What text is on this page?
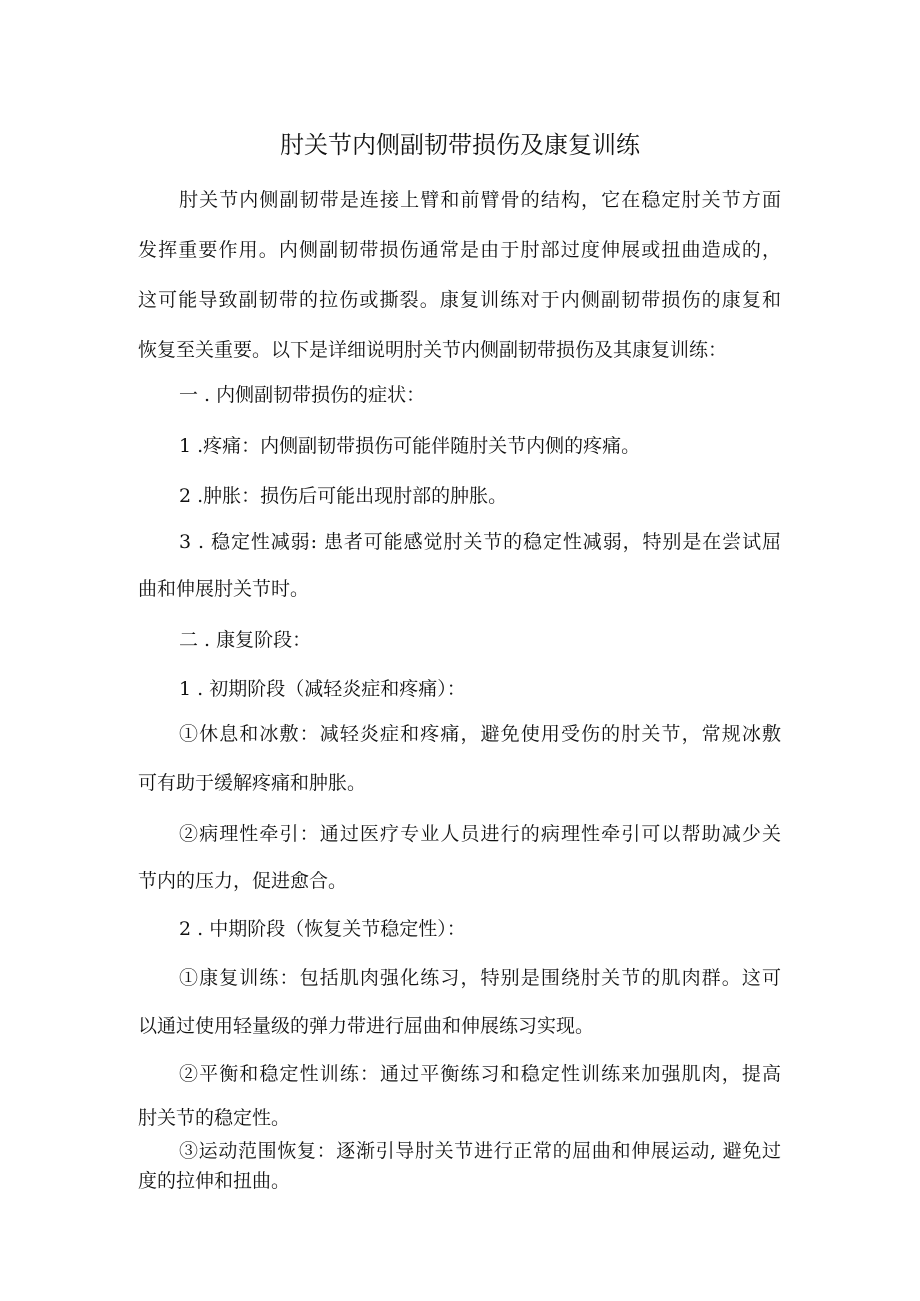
肘关节内侧副韧带损伤及康复训练
肘关节内侧副韧带是连接上臂和前臂骨的结构，它在稳定肘关节方面
发挥重要作用。内侧副韧带损伤通常是由于肘部过度伸展或扭曲造成的，
这可能导致副韧带的拉伤或撕裂。康复训练对于内侧副韧带损伤的康复和
恢复至关重要。以下是详细说明肘关节内侧副韧带损伤及其康复训练：
一 . 内侧副韧带损伤的症状：
1 .疼痛：内侧副韧带损伤可能伴随肘关节内侧的疼痛。
2 .肿胀：损伤后可能出现肘部的肿胀。
3 . 稳定性减弱: 患者可能感觉肘关节的稳定性减弱，特别是在尝试屈
曲和伸展肘关节时。
二 . 康复阶段：
1 . 初期阶段（减轻炎症和疼痛）：
①休息和冰敷：减轻炎症和疼痛，避免使用受伤的肘关节，常规冰敷
可有助于缓解疼痛和肿胀。
②病理性牵引：通过医疗专业人员进行的病理性牵引可以帮助减少关
节内的压力，促进愈合。
2 . 中期阶段（恢复关节稳定性）：
①康复训练：包括肌肉强化练习，特别是围绕肘关节的肌肉群。这可
以通过使用轻量级的弹力带进行屈曲和伸展练习实现。
②平衡和稳定性训练：通过平衡练习和稳定性训练来加强肌肉，提高
肘关节的稳定性。
③运动范围恢复：逐渐引导肘关节进行正常的屈曲和伸展运动, 避免过
度的拉伸和扭曲。
